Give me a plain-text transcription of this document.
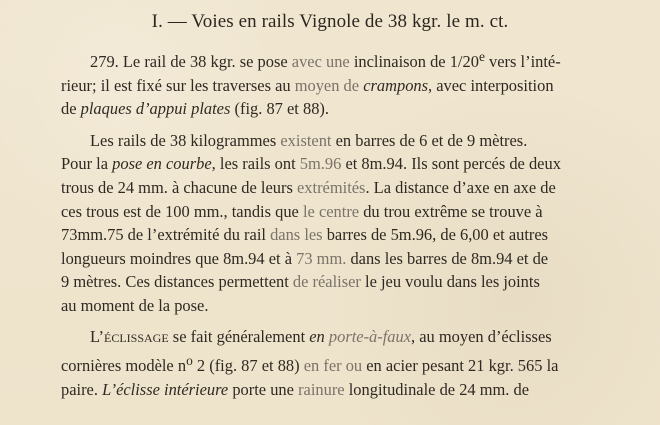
I. — Voies en rails Vignole de 38 kgr. le m. ct.
279. Le rail de 38 kgr. se pose avec une inclinaison de 1/20e vers l’inté-
rieur; il est fixé sur les traverses au moyen de crampons, avec interposition
de plaques d’appui plates (fig. 87 et 88).
Les rails de 38 kilogrammes existent en barres de 6 et de 9 mètres.
Pour la pose en courbe, les rails ont 5m.96 et 8m.94. Ils sont percés de deux
trous de 24 mm. à chacune de leurs extrémités. La distance d’axe en axe de
ces trous est de 100 mm., tandis que le centre du trou extrême se trouve à
73mm.75 de l’extrémité du rail dans les barres de 5m.96, de 6,00 et autres
longueurs moindres que 8m.94 et à 73 mm. dans les barres de 8m.94 et de
9 mètres. Ces distances permettent de réaliser le jeu voulu dans les joints
au moment de la pose.
L’éclissage se fait généralement en porte-à-faux, au moyen d’éclisses
cornières modèle $n^o$ 2 (fig. 87 et 88) en fer ou en acier pesant 21 kgr. 565 la
paire. L’éclisse intérieure porte une rainure longitudinale de 24 mm. de
